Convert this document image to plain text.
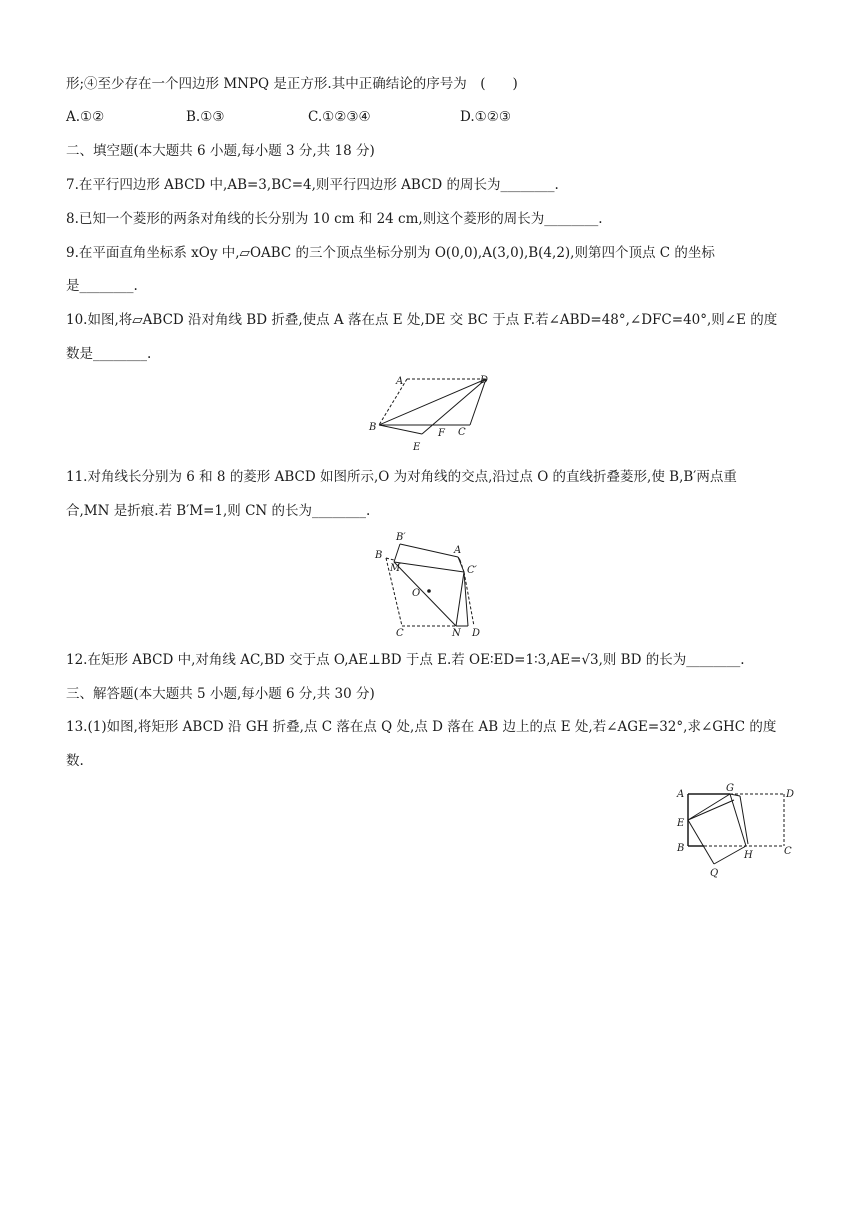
形;④至少存在一个四边形 MNPQ 是正方形.其中正确结论的序号为　(　　)
A.①②	B.①③	C.①②③④	D.①②③
二、填空题(本大题共 6 小题,每小题 3 分,共 18 分)
7.在平行四边形 ABCD 中,AB=3,BC=4,则平行四边形 ABCD 的周长为________.
8.已知一个菱形的两条对角线的长分别为 10 cm 和 24 cm,则这个菱形的周长为________.
9.在平面直角坐标系 xOy 中,▱OABC 的三个顶点坐标分别为 O(0,0),A(3,0),B(4,2),则第四个顶点 C 的坐标
是________.
10.如图,将▱ABCD 沿对角线 BD 折叠,使点 A 落在点 E 处,DE 交 BC 于点 F.若∠ABD=48°,∠DFC=40°,则∠E 的度
数是________.
A	D
B
F C
E
11.对角线长分别为 6 和 8 的菱形 ABCD 如图所示,O 为对角线的交点,沿过点 O 的直线折叠菱形,使 B,B′两点重
合,MN 是折痕.若 B′M=1,则 CN 的长为________.
B′
B	A
M	C′
O
C	N D
12.在矩形 ABCD 中,对角线 AC,BD 交于点 O,AE⊥BD 于点 E.若 OE∶ED=1∶3,AE=√3,则 BD 的长为________.
三、解答题(本大题共 5 小题,每小题 6 分,共 30 分)
13.(1)如图,将矩形 ABCD 沿 GH 折叠,点 C 落在点 Q 处,点 D 落在 AB 边上的点 E 处,若∠AGE=32°,求∠GHC 的度
数.
A
G
D
E
B
H	C
Q
